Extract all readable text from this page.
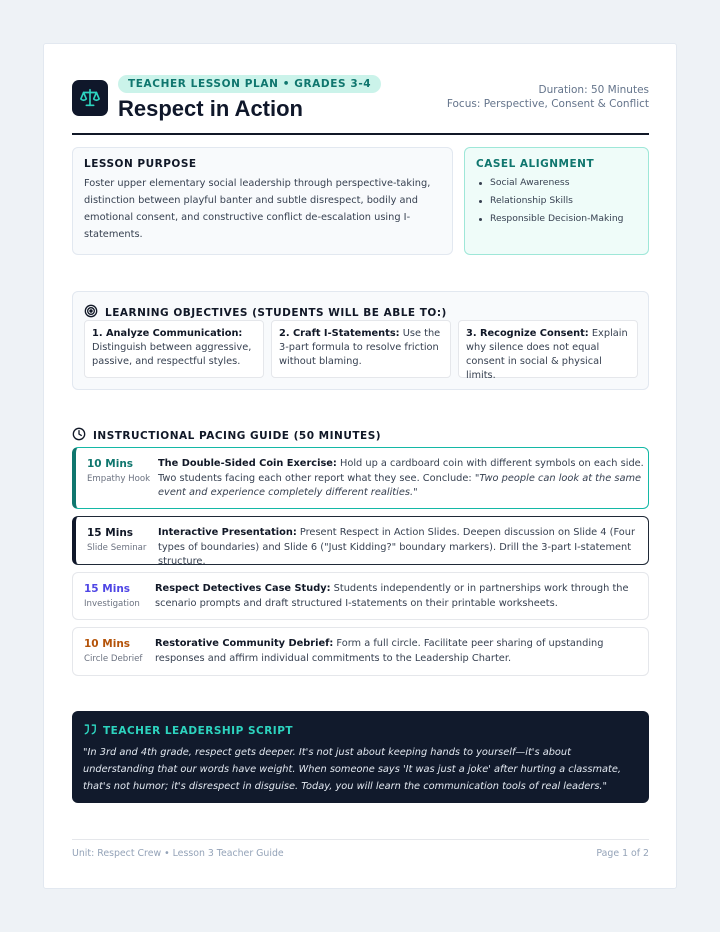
TEACHER LESSON PLAN • GRADES 3-4
Respect in Action
Duration: 50 Minutes
Focus: Perspective, Consent & Conflict
LESSON PURPOSE
Foster upper elementary social leadership through perspective-taking, distinction between playful banter and subtle disrespect, bodily and emotional consent, and constructive conflict de-escalation using I-statements.
CASEL ALIGNMENT
Social Awareness
Relationship Skills
Responsible Decision-Making
LEARNING OBJECTIVES (STUDENTS WILL BE ABLE TO:)
1. Analyze Communication: Distinguish between aggressive, passive, and respectful styles.
2. Craft I-Statements: Use the 3-part formula to resolve friction without blaming.
3. Recognize Consent: Explain why silence does not equal consent in social & physical limits.
INSTRUCTIONAL PACING GUIDE (50 MINUTES)
10 Mins
Empathy Hook
The Double-Sided Coin Exercise: Hold up a cardboard coin with different symbols on each side. Two students facing each other report what they see. Conclude: "Two people can look at the same event and experience completely different realities."
15 Mins
Slide Seminar
Interactive Presentation: Present Respect in Action Slides. Deepen discussion on Slide 4 (Four types of boundaries) and Slide 6 ("Just Kidding?" boundary markers). Drill the 3-part I-statement structure.
15 Mins
Investigation
Respect Detectives Case Study: Students independently or in partnerships work through the scenario prompts and draft structured I-statements on their printable worksheets.
10 Mins
Circle Debrief
Restorative Community Debrief: Form a full circle. Facilitate peer sharing of upstanding responses and affirm individual commitments to the Leadership Charter.
TEACHER LEADERSHIP SCRIPT
"In 3rd and 4th grade, respect gets deeper. It's not just about keeping hands to yourself—it's about understanding that our words have weight. When someone says 'It was just a joke' after hurting a classmate, that's not humor; it's disrespect in disguise. Today, you will learn the communication tools of real leaders."
Unit: Respect Crew • Lesson 3 Teacher Guide	Page 1 of 2
